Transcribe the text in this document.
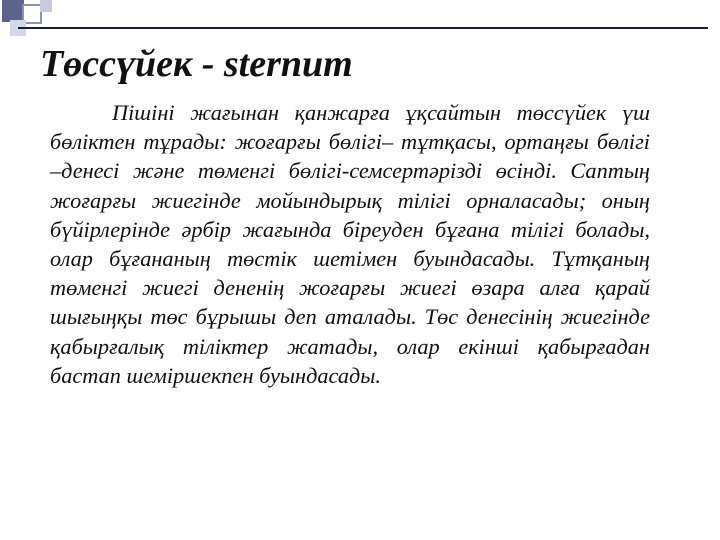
Төссүйек - sternum

Пішіні жағынан қанжарға ұқсайтын төссүйек үш бөліктен тұрады: жоғарғы бөлігі– тұтқасы, ортаңғы бөлігі –денесі және төменгі бөлігі-семсертәрізді өсінді. Саптың жоғарғы жиегінде мойындырық тілігі орналасады; оның бүйірлерінде әрбір жағында біреуден бұғана тілігі болады, олар бұғананың төстік шетімен буындасады. Тұтқаның төменгі жиегі дененің жоғарғы жиегі өзара алға қарай шығыңқы төс бұрышы деп аталады. Төс денесінің жиегінде қабырғалық тіліктер жатады, олар екінші қабырғадан бастап шеміршекпен буындасады.
